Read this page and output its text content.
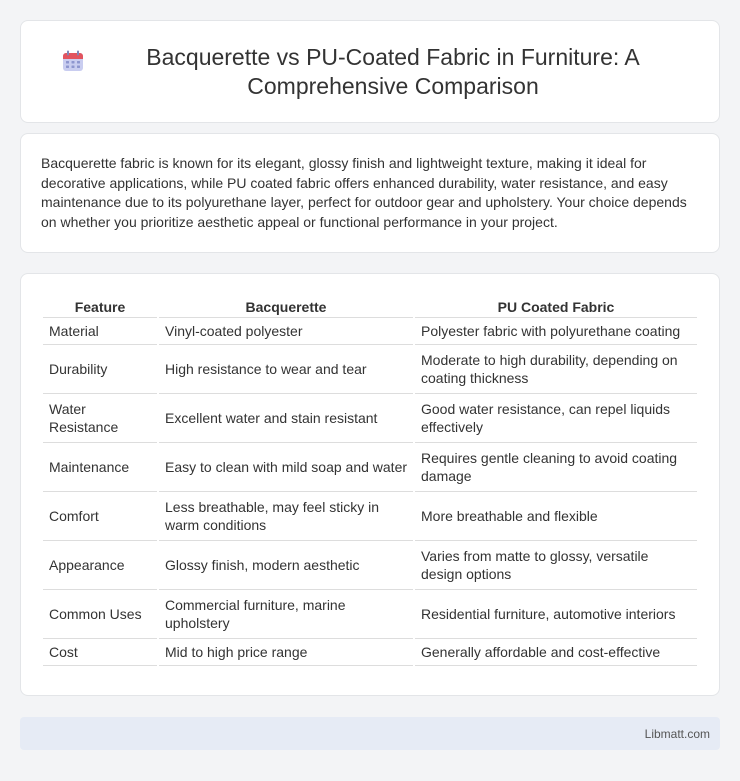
Bacquerette vs PU-Coated Fabric in Furniture: A Comprehensive Comparison

Bacquerette fabric is known for its elegant, glossy finish and lightweight texture, making it ideal for decorative applications, while PU coated fabric offers enhanced durability, water resistance, and easy maintenance due to its polyurethane layer, perfect for outdoor gear and upholstery. Your choice depends on whether you prioritize aesthetic appeal or functional performance in your project.

Feature	Bacquerette	PU Coated Fabric
Material	Vinyl-coated polyester	Polyester fabric with polyurethane coating
Durability	High resistance to wear and tear	Moderate to high durability, depending on coating thickness
Water Resistance	Excellent water and stain resistant	Good water resistance, can repel liquids effectively
Maintenance	Easy to clean with mild soap and water	Requires gentle cleaning to avoid coating damage
Comfort	Less breathable, may feel sticky in warm conditions	More breathable and flexible
Appearance	Glossy finish, modern aesthetic	Varies from matte to glossy, versatile design options
Common Uses	Commercial furniture, marine upholstery	Residential furniture, automotive interiors
Cost	Mid to high price range	Generally affordable and cost-effective
Libmatt.com
